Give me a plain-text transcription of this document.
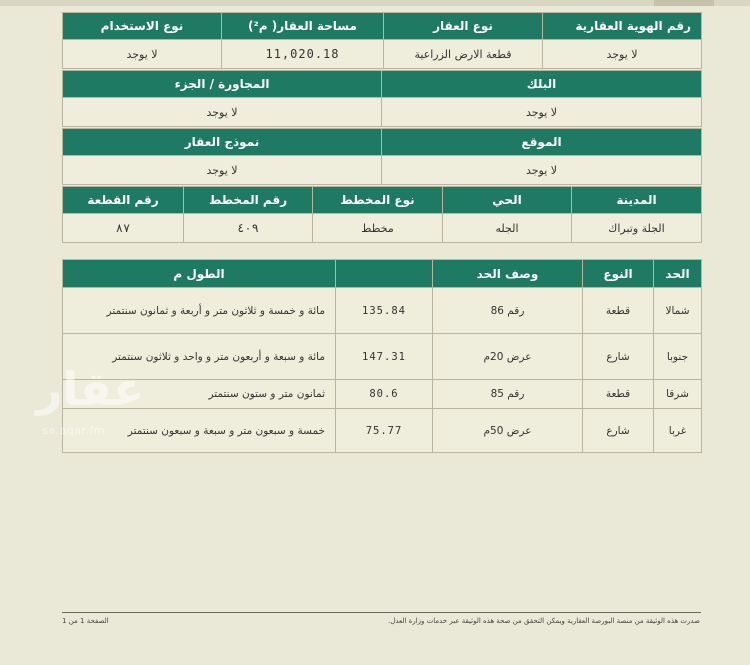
رقم الهوية العقارية	نوع العقار	مساحة العقار( م²)	نوع الاستخدام
لا يوجد	قطعة الارض الزراعية	11,020.18	لا يوجد
البلك	المجاورة / الجزء
لا يوجد	لا يوجد
الموقع	نموذج العقار
لا يوجد	لا يوجد
المدينة	الحي	نوع المخطط	رقم المخطط	رقم القطعة
الجلة وتبراك	الجله	مخطط	٤٠٩	٨٧
الحد	النوع	وصف الحد		الطول م
شمالا	قطعة	رقم 86	135.84	مائة و خمسة و ثلاثون متر و أربعة و ثمانون سنتمتر
جنوبا	شارع	عرض 20م	147.31	مائة و سبعة و أربعون متر و واحد و ثلاثون سنتمتر
شرقا	قطعة	رقم 85	80.6	ثمانون متر و ستون سنتمتر
غربا	شارع	عرض 50م	75.77	خمسة و سبعون متر و سبعة و سبعون سنتمتر
عقار
sa.aqar.fm
الصفحة 1 من 1	صدرت هذه الوثيقة من منصة البورصة العقارية ويمكن التحقق من صحة هذه الوثيقة عبر خدمات وزارة العدل.
